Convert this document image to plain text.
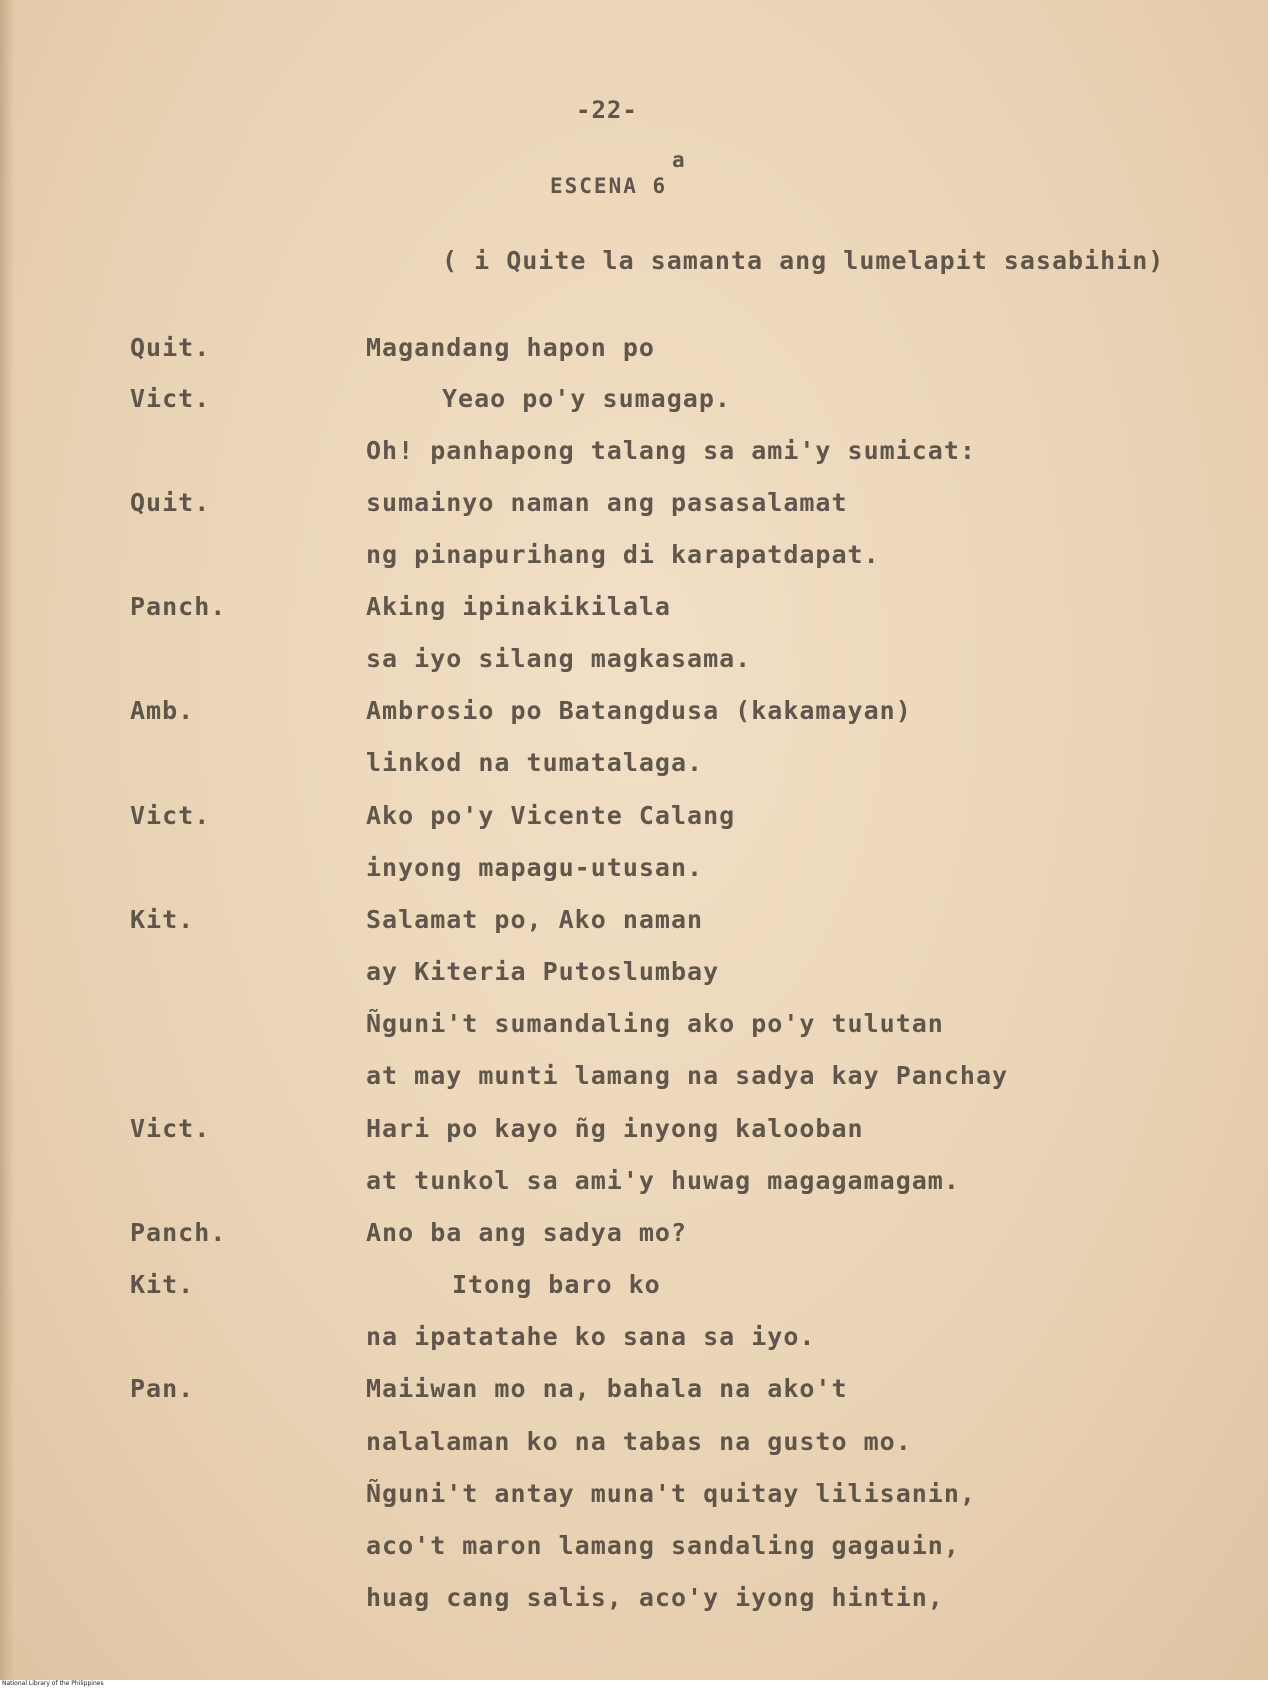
-22-
a
ESCENA 6
( i Quite la samanta ang lumelapit sasabihin)
Quit.	Magandang hapon po
Vict.	Yeao po'y sumagap.
Oh! panhapong talang sa ami'y sumicat:
Quit.	sumainyo naman ang pasasalamat
ng pinapurihang di karapatdapat.
Panch.	Aking ipinakikilala
sa iyo silang magkasama.
Amb.	Ambrosio po Batangdusa (kakamayan)
linkod na tumatalaga.
Vict.	Ako po'y Vicente Calang
inyong mapagu-utusan.
Kit.	Salamat po, Ako naman
ay Kiteria Putoslumbay
Ñguni't sumandaling ako po'y tulutan
at may munti lamang na sadya kay Panchay
Vict.	Hari po kayo ñg inyong kalooban
at tunkol sa ami'y huwag magagamagam.
Panch.	Ano ba ang sadya mo?
Kit.	Itong baro ko
na ipatatahe ko sana sa iyo.
Pan.	Maiiwan mo na, bahala na ako't
nalalaman ko na tabas na gusto mo.
Ñguni't antay muna't quitay lilisanin,
aco't maron lamang sandaling gagauin,
huag cang salis, aco'y iyong hintin,
National Library of the Philippines
